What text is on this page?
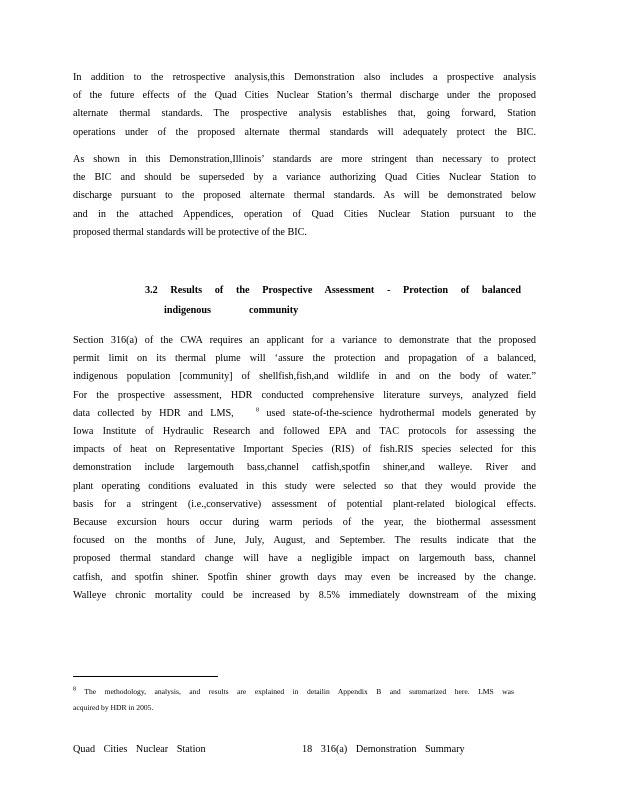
In addition to the retrospective analysis,this Demonstration also includes a prospective analysis
of the future effects of the Quad Cities Nuclear Station’s thermal discharge under the proposed
alternate thermal standards. The prospective analysis establishes that, going forward, Station
operations under of the proposed alternate thermal standards will adequately protect the BIC.

As shown in this Demonstration,Illinois’ standards are more stringent than necessary to protect
the BIC and should be superseded by a variance authorizing Quad Cities Nuclear Station to
discharge pursuant to the proposed alternate thermal standards. As will be demonstrated below
and in the attached Appendices, operation of Quad Cities Nuclear Station pursuant to the
proposed thermal standards will be protective of the BIC.

3.2 Results of the Prospective Assessment - Protection of balanced
indigenous	community

Section 316(a) of the CWA requires an applicant for a variance to demonstrate that the proposed
permit limit on its thermal plume will ‘assure the protection and propagation of a balanced,
indigenous population [community] of shellfish,fish,and wildlife in and on the body of water.”
For the prospective assessment, HDR conducted comprehensive literature surveys, analyzed field
data collected by HDR and LMS,	$^8$ used state-of-the-science hydrothermal models generated by
Iowa Institute of Hydraulic Research and followed EPA and TAC protocols for assessing the
impacts of heat on Representative Important Species (RIS) of fish.RIS species selected for this
demonstration include largemouth bass,channel catfish,spotfin shiner,and walleye. River and
plant operating conditions evaluated in this study were selected so that they would provide the
basis for a stringent (i.e.,conservative) assessment of potential plant-related biological effects.
Because excursion hours occur during warm periods of the year, the biothermal assessment
focused on the months of June, July, August, and September. The results indicate that the
proposed thermal standard change will have a negligible impact on largemouth bass, channel
catfish, and spotfin shiner. Spotfin shiner growth days may even be increased by the change.
Walleye chronic mortality could be increased by 8.5% immediately downstream of the mixing

$^8$ The methodology, analysis, and results are explained in detailin Appendix B and summarized here. LMS was
acquired by HDR in 2005.

Quad Cities Nuclear Station	18 316(a) Demonstration Summary
